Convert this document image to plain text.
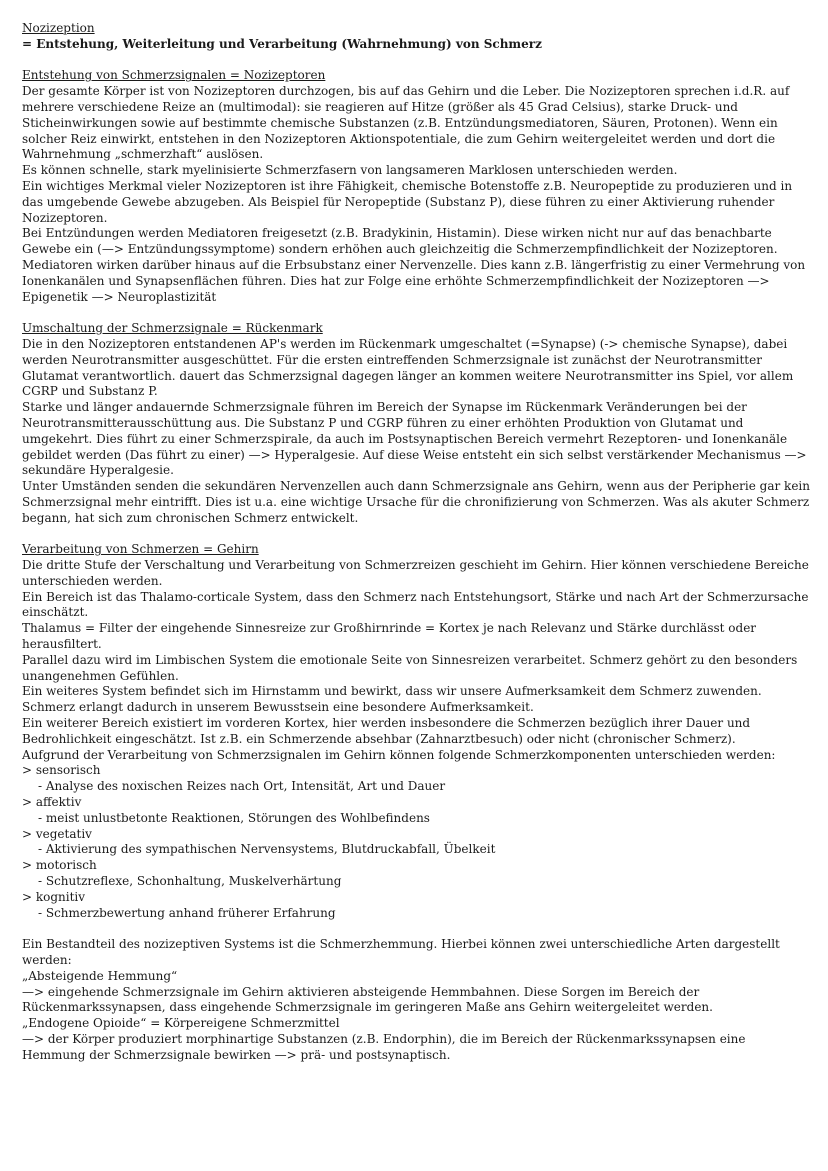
Nozizeption

= Entstehung, Weiterleitung und Verarbeitung (Wahrnehmung) von Schmerz

Entstehung von Schmerzsignalen = Nozizeptoren

Der gesamte Körper ist von Nozizeptoren durchzogen, bis auf das Gehirn und die Leber. Die Nozizeptoren sprechen i.d.R. auf mehrere verschiedene Reize an (multimodal): sie reagieren auf Hitze (größer als 45 Grad Celsius), starke Druck- und Sticheinwirkungen sowie auf bestimmte chemische Substanzen (z.B. Entzündungsmediatoren, Säuren, Protonen). Wenn ein solcher Reiz einwirkt, entstehen in den Nozizeptoren Aktionspotentiale, die zum Gehirn weitergeleitet werden und dort die Wahrnehmung „schmerzhaft“ auslösen.

Es können schnelle, stark myelinisierte Schmerzfasern von langsameren Marklosen unterschieden werden.

Ein wichtiges Merkmal vieler Nozizeptoren ist ihre Fähigkeit, chemische Botenstoffe z.B. Neuropeptide zu produzieren und in das umgebende Gewebe abzugeben. Als Beispiel für Neropeptide (Substanz P), diese führen zu einer Aktivierung ruhender Nozizeptoren.

Bei Entzündungen werden Mediatoren freigesetzt (z.B. Bradykinin, Histamin). Diese wirken nicht nur auf das benachbarte Gewebe ein (—> Entzündungssymptome) sondern erhöhen auch gleichzeitig die Schmerzempfindlichkeit der Nozizeptoren.

Mediatoren wirken darüber hinaus auf die Erbsubstanz einer Nervenzelle. Dies kann z.B. längerfristig zu einer Vermehrung von Ionenkanälen und Synapsenflächen führen. Dies hat zur Folge eine erhöhte Schmerzempfindlichkeit der Nozizeptoren —> Epigenetik —> Neuroplastizität

Umschaltung der Schmerzsignale = Rückenmark

Die in den Nozizeptoren entstandenen AP's werden im Rückenmark umgeschaltet (=Synapse) (-> chemische Synapse), dabei werden Neurotransmitter ausgeschüttet. Für die ersten eintreffenden Schmerzsignale ist zunächst der Neurotransmitter Glutamat verantwortlich. dauert das Schmerzsignal dagegen länger an kommen weitere Neurotransmitter ins Spiel, vor allem CGRP und Substanz P.

Starke und länger andauernde Schmerzsignale führen im Bereich der Synapse im Rückenmark Veränderungen bei der Neurotransmitterausschüttung aus. Die Substanz P und CGRP führen zu einer erhöhten Produktion von Glutamat und umgekehrt. Dies führt zu einer Schmerzspirale, da auch im Postsynaptischen Bereich vermehrt Rezeptoren- und Ionenkanäle gebildet werden (Das führt zu einer) —> Hyperalgesie. Auf diese Weise entsteht ein sich selbst verstärkender Mechanismus —> sekundäre Hyperalgesie.

Unter Umständen senden die sekundären Nervenzellen auch dann Schmerzsignale ans Gehirn, wenn aus der Peripherie gar kein Schmerzsignal mehr eintrifft. Dies ist u.a. eine wichtige Ursache für die chronifizierung von Schmerzen. Was als akuter Schmerz begann, hat sich zum chronischen Schmerz entwickelt.

Verarbeitung von Schmerzen = Gehirn

Die dritte Stufe der Verschaltung und Verarbeitung von Schmerzreizen geschieht im Gehirn. Hier können verschiedene Bereiche unterschieden werden.

Ein Bereich ist das Thalamo-corticale System, dass den Schmerz nach Entstehungsort, Stärke und nach Art der Schmerzursache einschätzt.

Thalamus = Filter der eingehende Sinnesreize zur Großhirnrinde = Kortex je nach Relevanz und Stärke durchlässt oder herausfiltert.

Parallel dazu wird im Limbischen System die emotionale Seite von Sinnesreizen verarbeitet. Schmerz gehört zu den besonders unangenehmen Gefühlen.

Ein weiteres System befindet sich im Hirnstamm und bewirkt, dass wir unsere Aufmerksamkeit dem Schmerz zuwenden. Schmerz erlangt dadurch in unserem Bewusstsein eine besondere Aufmerksamkeit.

Ein weiterer Bereich existiert im vorderen Kortex, hier werden insbesondere die Schmerzen bezüglich ihrer Dauer und Bedrohlichkeit eingeschätzt. Ist z.B. ein Schmerzende absehbar (Zahnarztbesuch) oder nicht (chronischer Schmerz).

Aufgrund der Verarbeitung von Schmerzsignalen im Gehirn können folgende Schmerzkomponenten unterschieden werden:

> sensorisch

- Analyse des noxischen Reizes nach Ort, Intensität, Art und Dauer

> affektiv

- meist unlustbetonte Reaktionen, Störungen des Wohlbefindens

> vegetativ

- Aktivierung des sympathischen Nervensystems, Blutdruckabfall, Übelkeit

> motorisch

- Schutzreflexe, Schonhaltung, Muskelverhärtung

> kognitiv

- Schmerzbewertung anhand früherer Erfahrung

Ein Bestandteil des nozizeptiven Systems ist die Schmerzhemmung. Hierbei können zwei unterschiedliche Arten dargestellt werden:

„Absteigende Hemmung“

—> eingehende Schmerzsignale im Gehirn aktivieren absteigende Hemmbahnen. Diese Sorgen im Bereich der Rückenmarkssynapsen, dass eingehende Schmerzsignale im geringeren Maße ans Gehirn weitergeleitet werden.

„Endogene Opioide“ = Körpereigene Schmerzmittel

—> der Körper produziert morphinartige Substanzen (z.B. Endorphin), die im Bereich der Rückenmarkssynapsen eine Hemmung der Schmerzsignale bewirken —> prä- und postsynaptisch.
